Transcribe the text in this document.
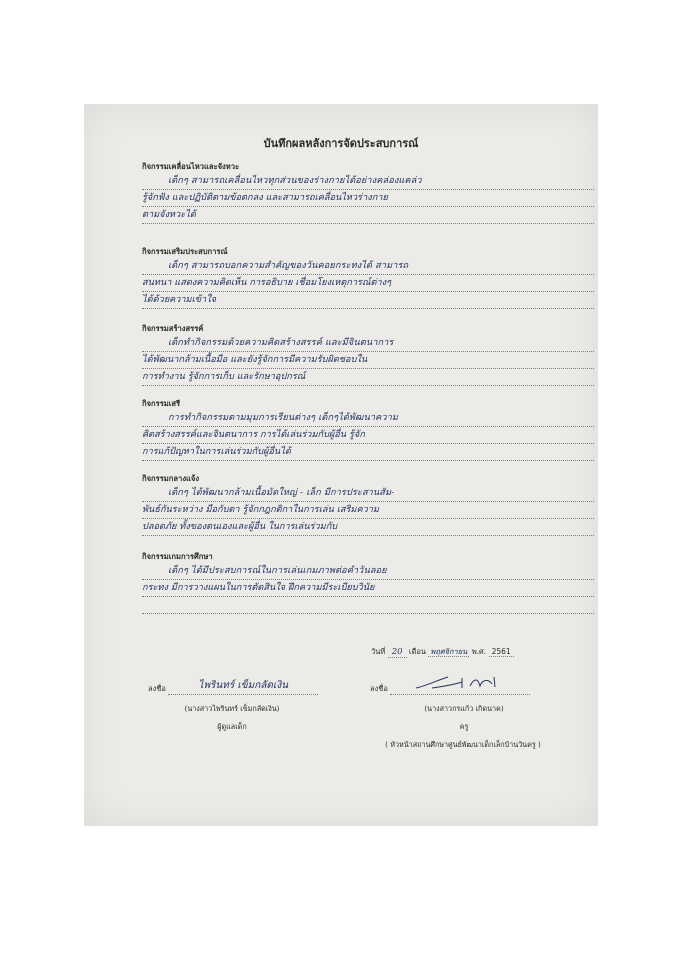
บันทึกผลหลังการจัดประสบการณ์
กิจกรรมเคลื่อนไหวและจังหวะ
เด็กๆ สามารถเคลื่อนไหวทุกส่วนของร่างกายได้อย่างคล่องแคล่ว
รู้จักฟัง และปฏิบัติตามข้อตกลง และสามารถเคลื่อนไหวร่างกาย
ตามจังหวะได้
กิจกรรมเสริมประสบการณ์
เด็กๆ สามารถบอกความสำคัญของวันคอยกระทงได้ สามารถ
สนทนา แสดงความคิดเห็น การอธิบาย เชื่อมโยงเหตุการณ์ต่างๆ
ได้ด้วยความเข้าใจ
กิจกรรมสร้างสรรค์
เด็กทำกิจกรรมด้วยความคิดสร้างสรรค์ และมีจินตนาการ
ได้พัฒนากล้ามเนื้อมือ และยังรู้จักการมีความรับผิดชอบใน
การทำงาน รู้จักการเก็บ และรักษาอุปกรณ์
กิจกรรมเสรี
การทำกิจกรรมตามมุมการเรียนต่างๆ เด็กๆได้พัฒนาความ
คิดสร้างสรรค์และจินตนาการ การได้เล่นร่วมกับผู้อื่น รู้จัก
การแก้ปัญหาในการเล่นร่วมกับผู้อื่นได้
กิจกรรมกลางแจ้ง
เด็กๆ ได้พัฒนากล้ามเนื้อมัดใหญ่ - เล็ก มีการประสานสัม-
พันธ์กันระหว่าง มือกับตา รู้จักกฎกติกาในการเล่น เสริมความ
ปลอดภัย ทั้งของตนเองและผู้อื่น ในการเล่นร่วมกับ
กิจกรรมเกมการศึกษา
เด็กๆ ได้มีประสบการณ์ในการเล่นเกมภาพต่อคำวันลอย
กระทง มีการวางแผนในการตัดสินใจ ฝึกความมีระเบียบวินัย
วันที่ 20 เดือน พฤศจิกายน พ.ศ. 2561
ลงชื่อ	ไพรินทร์ เข็มกลัดเงิน
(นางสาวไพรินทร์ เข็มกลัดเงิน)
ผู้ดูแลเด็ก
ลงชื่อ
(นางสาวกรแก้ว เกิดนาค)
ครู
( หัวหน้าสถานศึกษาศูนย์พัฒนาเด็กเล็กบ้านวันครู )
